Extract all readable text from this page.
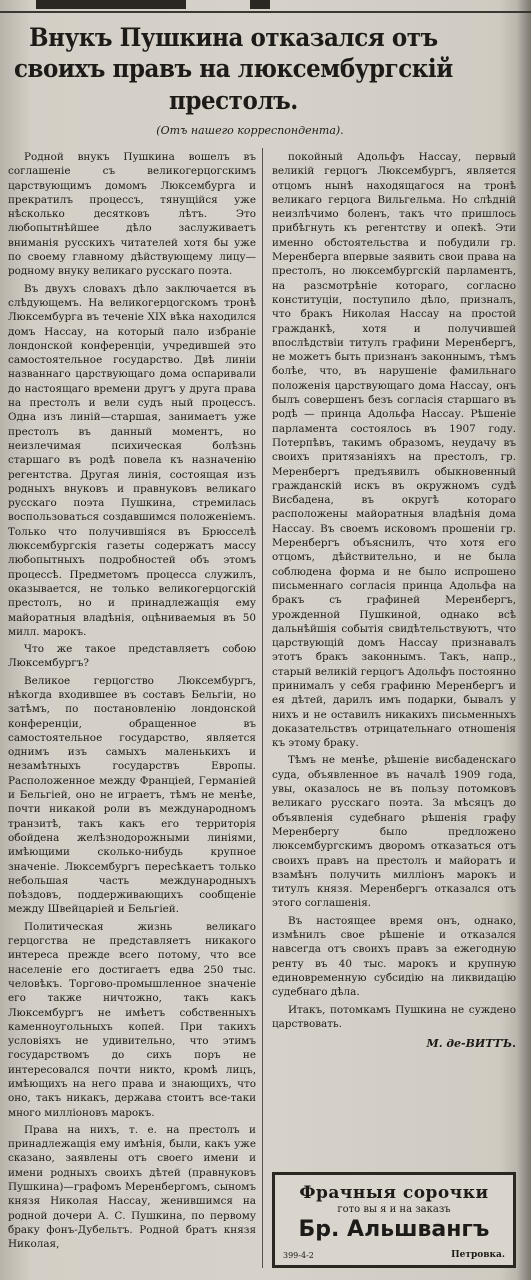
Внукъ Пушкина отказался отъ своихъ правъ на люксембургскій престолъ.
(Отъ нашего корреспондента).

Родной внукъ Пушкина вошелъ въ соглашеніе съ великогерцогскимъ царствующимъ домомъ Люксембурга и прекратилъ процессъ, тянущійся уже нѣсколько десятковъ лѣтъ. Это любопытнѣйшее дѣло заслуживаетъ вниманія русскихъ читателей хотя бы уже по своему главному дѣйствующему лицу—родному внуку великаго русскаго поэта.

Въ двухъ словахъ дѣло заключается въ слѣдующемъ. На великогерцогскомъ тронѣ Люксембурга въ теченіе XIX вѣка находился домъ Нассау, на который пало избраніе лондонской конференціи, учредившей это самостоятельное государство. Двѣ линіи названнаго царствующаго дома оспаривали до настоящаго времени другъ у друга права на престолъ и вели судъ ный процессъ. Одна изъ линій—старшая, занимаетъ уже престолъ въ данный моментъ, но неизлечимая психическая болѣзнь старшаго въ родѣ повела къ назначенію регентства. Другая линія, состоящая изъ родныхъ внуковъ и правнуковъ великаго русскаго поэта Пушкина, стремилась воспользоваться создавшимся положеніемъ. Только что получившіяся въ Брюсселѣ люксембургскія газеты содержатъ массу любопытныхъ подробностей объ этомъ процессѣ. Предметомъ процесса служилъ, оказывается, не только великогерцогскій престолъ, но и принадлежащія ему майоратныя владѣнія, оцѣниваемыя въ 50 милл. марокъ.

Что же такое представляетъ собою Люксембургъ?

Великое герцогство Люксембургъ, нѣкогда входившее въ составъ Бельгіи, но затѣмъ, по постановленію лондонской конференціи, обращенное въ самостоятельное государство, является однимъ изъ самыхъ маленькихъ и незамѣтныхъ государствъ Европы. Расположенное между Франціей, Германіей и Бельгіей, оно не играетъ, тѣмъ не менѣе, почти никакой роли въ международномъ транзитѣ, такъ какъ его территорія обойдена желѣзнодорожными линіями, имѣющими сколько-нибудь крупное значеніе. Люксембургъ пересѣкаетъ только небольшая часть международныхъ поѣздовъ, поддерживающихъ сообщеніе между Швейцаріей и Бельгіей.

Политическая жизнь великаго герцогства не представляетъ никакого интереса прежде всего потому, что все населеніе его достигаетъ едва 250 тыс. человѣкъ. Торгово-промышленное значеніе его также ничтожно, такъ какъ Люксембургъ не имѣетъ собственныхъ каменноугольныхъ копей. При такихъ условіяхъ не удивительно, что этимъ государствомъ до сихъ поръ не интересовался почти никто, кромѣ лицъ, имѣющихъ на него права и знающихъ, что оно, такъ никакъ, держава стоитъ все-таки много милліоновъ марокъ.

Права на нихъ, т. е. на престолъ и принадлежащія ему имѣнія, были, какъ уже сказано, заявлены отъ своего имени и имени родныхъ своихъ дѣтей (правнуковъ Пушкина)—графомъ Меренбергомъ, сыномъ князя Николая Нассау, женившимся на родной дочери А. С. Пушкина, по первому браку фонъ-Дубельтъ. Родной братъ князя Николая,

покойный Адольфъ Нассау, первый великій герцогъ Люксембургъ, является отцомъ нынѣ находящагося на тронѣ великаго герцога Вильгельма. Но слѣдній неизлѣчимо боленъ, такъ что пришлось прибѣгнуть къ регентству и опекѣ. Эти именно обстоятельства и побудили гр. Меренберга впервые заявить свои права на престолъ, но люксембургскій парламентъ, на разсмотрѣніе котораго, согласно конституціи, поступило дѣло, призналъ, что бракъ Николая Нассау на простой гражданкѣ, хотя и получившей впослѣдствіи титулъ графини Меренбергъ, не можетъ быть признанъ законнымъ, тѣмъ болѣе, что, въ нарушеніе фамильнаго положенія царствующаго дома Нассау, онъ былъ совершенъ безъ согласія старшаго въ родѣ — принца Адольфа Нассау. Рѣшеніе парламента состоялось въ 1907 году. Потерпѣвъ, такимъ образомъ, неудачу въ своихъ притязаніяхъ на престолъ, гр. Меренбергъ предъявилъ обыкновенный гражданскій искъ въ окружномъ судѣ Висбадена, въ округѣ котораго расположены майоратныя владѣнія дома Нассау. Въ своемъ исковомъ прошеніи гр. Меренбергъ объяснилъ, что хотя его отцомъ, дѣйствительно, и не была соблюдена форма и не было испрошено письменнаго согласія принца Адольфа на бракъ съ графиней Меренбергъ, урожденной Пушкиной, однако всѣ дальнѣйшія событія свидѣтельствуютъ, что царствующій домъ Нассау признавалъ этотъ бракъ законнымъ. Такъ, напр., старый великій герцогъ Адольфъ постоянно принималъ у себя графиню Меренбергъ и ея дѣтей, дарилъ имъ подарки, бывалъ у нихъ и не оставилъ никакихъ письменныхъ доказательствъ отрицательнаго отношенія къ этому браку.

Тѣмъ не менѣе, рѣшеніе висбаденскаго суда, объявленное въ началѣ 1909 года, увы, оказалось не въ пользу потомковъ великаго русскаго поэта. За мѣсяцъ до объявленія судебнаго рѣшенія графу Меренбергу было предложено люксембургскимъ дворомъ отказаться отъ своихъ правъ на престолъ и майоратъ и взамѣнъ получить милліонъ марокъ и титулъ князя. Меренбергъ отказался отъ этого соглашенія.

Въ настоящее время онъ, однако, измѣнилъ свое рѣшеніе и отказался навсегда отъ своихъ правъ за ежегодную ренту въ 40 тыс. марокъ и крупную единовременную субсидію на ликвидацію судебнаго дѣла.

Итакъ, потомкамъ Пушкина не суждено царствовать.

М. де-ВИТТЪ.
Фрачныя сорочки
гото вы я и на заказъ
Бр. Альшвангъ
399-4-2	Петровка.
